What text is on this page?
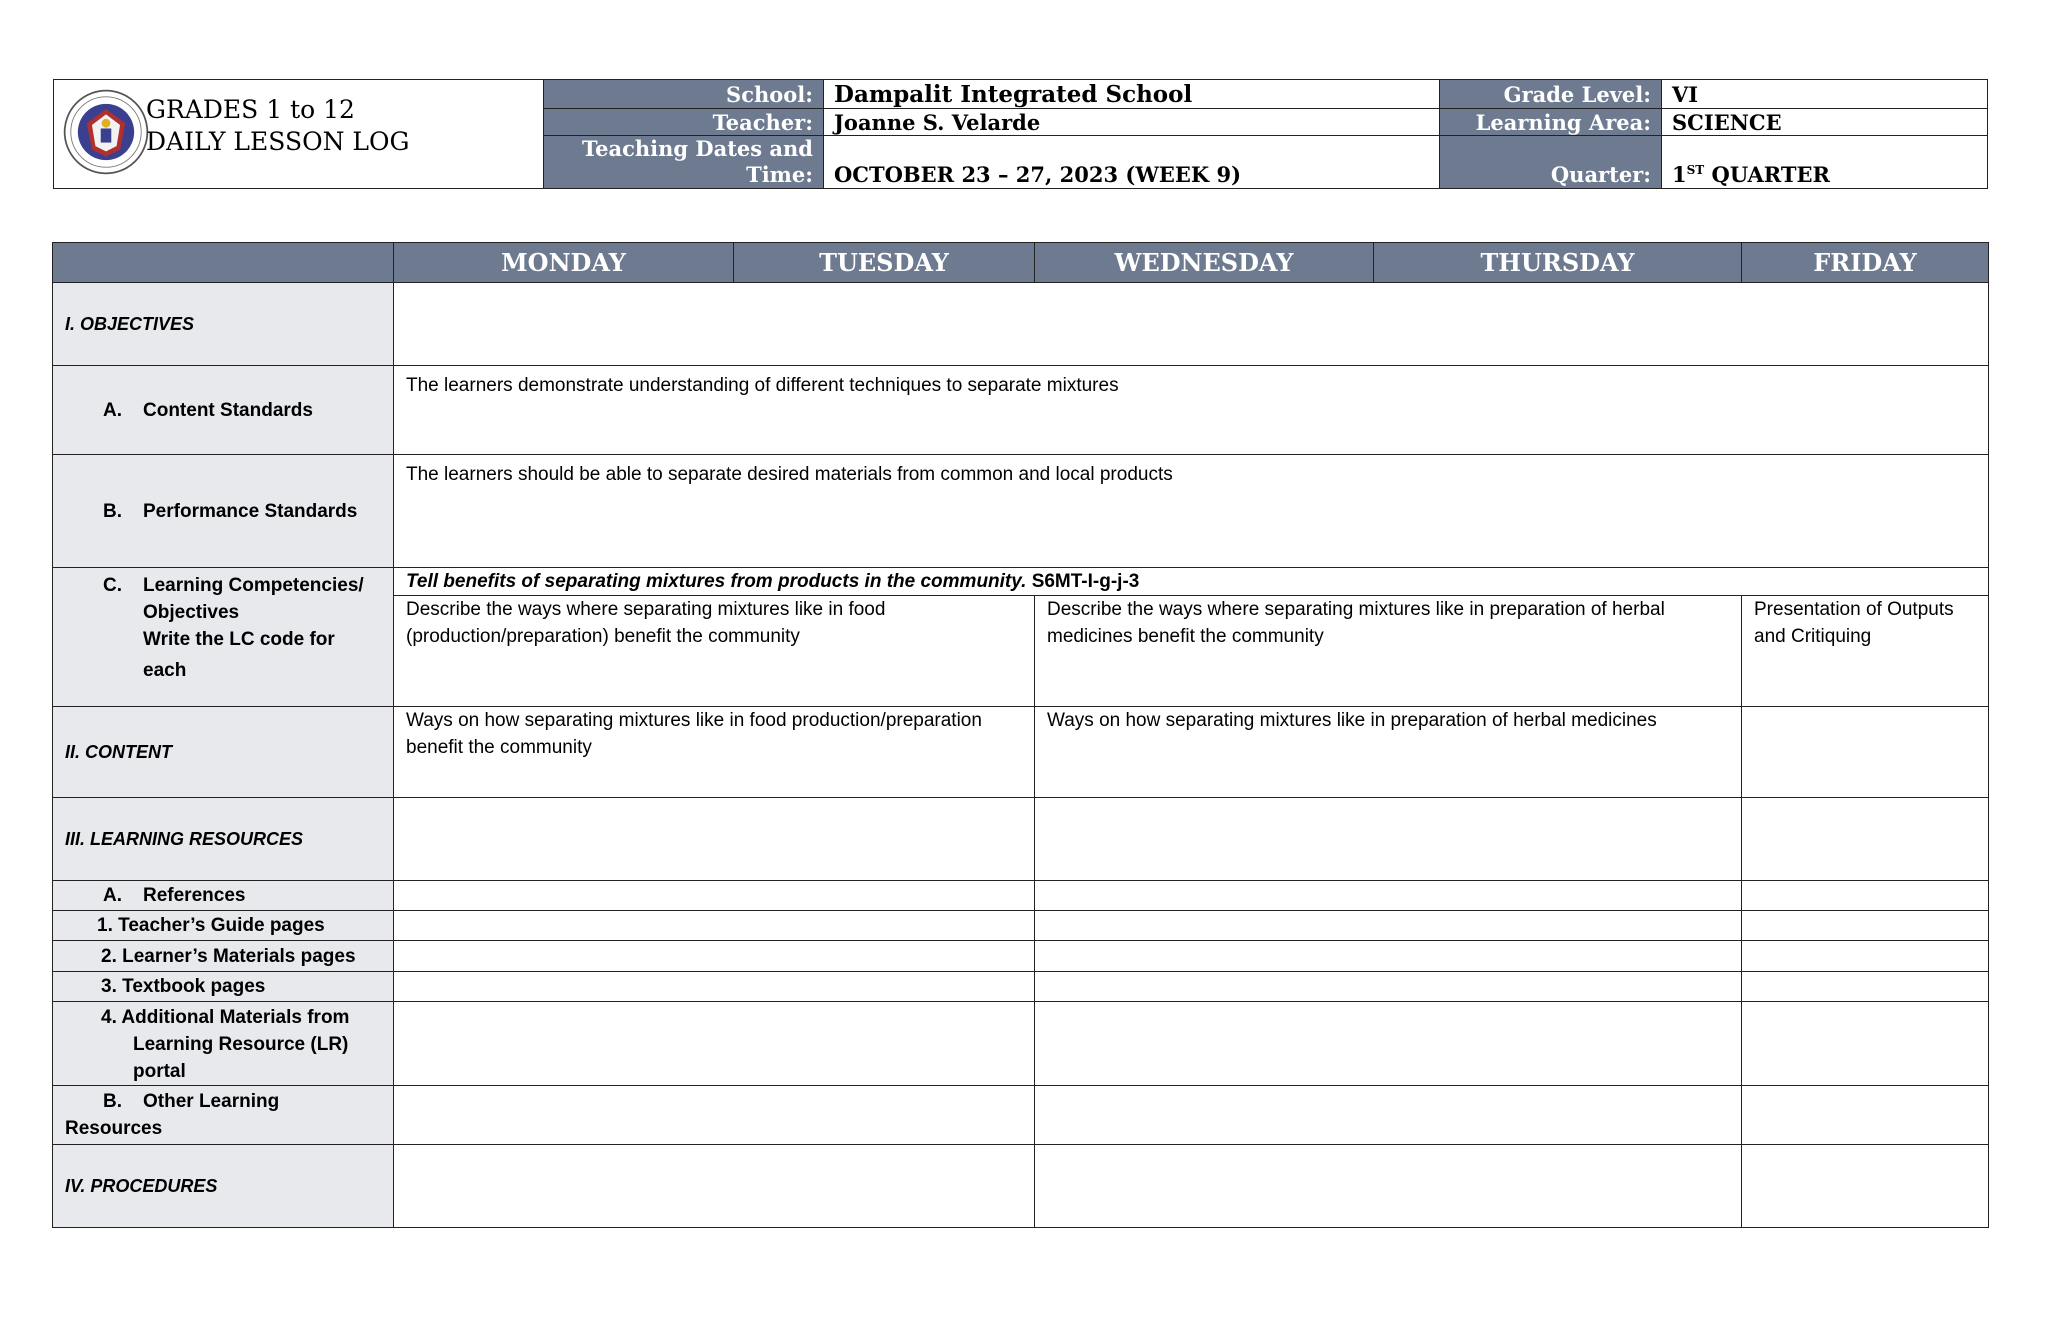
GRADES 1 to 12
DAILY LESSON LOG	School:	Dampalit Integrated School	Grade Level:	VI
	Teacher:	Joanne S. Velarde	Learning Area:	SCIENCE

	Teaching Dates and
Time:	OCTOBER 23 – 27, 2023 (WEEK 9)	Quarter:	1ST QUARTER
	MONDAY	TUESDAY	WEDNESDAY	THURSDAY	FRIDAY
I. OBJECTIVES					
A. Content Standards	The learners demonstrate understanding of different techniques to separate mixtures				
B. Performance Standards	The learners should be able to separate desired materials from common and local products				

C. Learning Competencies/
Objectives
Write the LC code for
each	Tell benefits of separating mixtures from products in the community. S6MT-I-g-j-3				
	Describe the ways where separating mixtures like in food (production/preparation) benefit the community		Describe the ways where separating mixtures like in preparation of herbal medicines benefit the community		Presentation of Outputs and Critiquing
II. CONTENT	Ways on how separating mixtures like in food production/preparation benefit the community		Ways on how separating mixtures like in preparation of herbal medicines		
III. LEARNING RESOURCES					
A. References					
1. Teacher’s Guide pages					
2. Learner’s Materials pages					
3. Textbook pages					

4. Additional Materials from
Learning Resource (LR)
portal					

B. Other Learning Resources					
IV. PROCEDURES					
